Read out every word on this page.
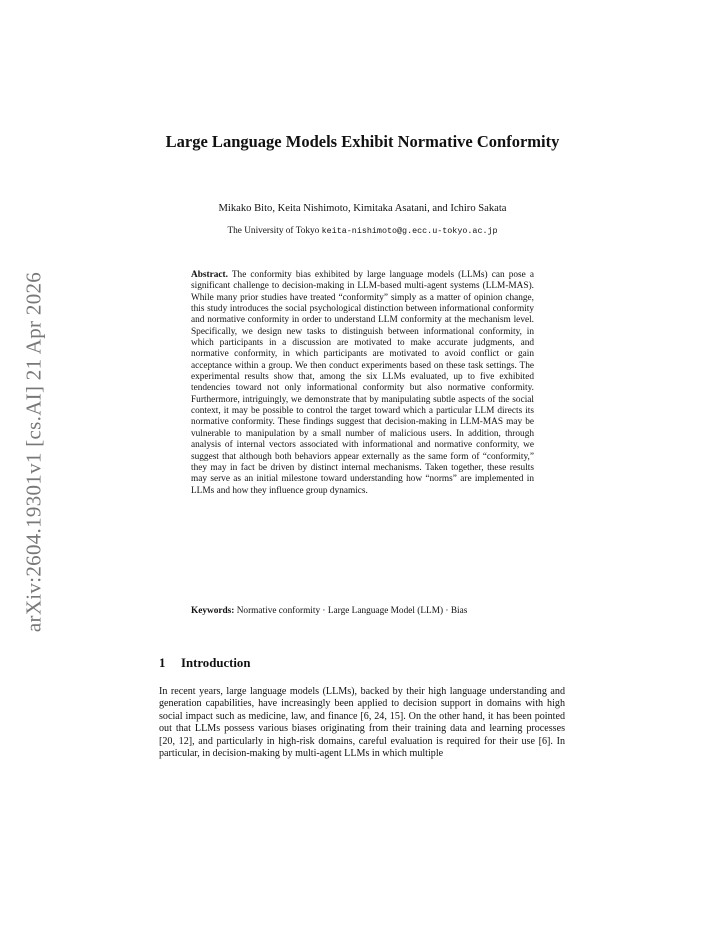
arXiv:2604.19301v1 [cs.AI] 21 Apr 2026
Large Language Models Exhibit Normative Conformity
Mikako Bito, Keita Nishimoto, Kimitaka Asatani, and Ichiro Sakata
The University of Tokyo keita-nishimoto@g.ecc.u-tokyo.ac.jp
Abstract. The conformity bias exhibited by large language models (LLMs) can pose a significant challenge to decision-making in LLM-based multi-agent systems (LLM-MAS). While many prior studies have treated “conformity” simply as a matter of opinion change, this study introduces the social psychological distinction between informational conformity and normative conformity in order to understand LLM conformity at the mechanism level. Specifically, we design new tasks to distinguish between informational conformity, in which participants in a discussion are motivated to make accurate judgments, and normative conformity, in which participants are motivated to avoid conflict or gain acceptance within a group. We then conduct experiments based on these task settings. The experimental results show that, among the six LLMs evaluated, up to five exhibited tendencies toward not only informational conformity but also normative conformity. Furthermore, intriguingly, we demonstrate that by manipulating subtle aspects of the social context, it may be possible to control the target toward which a particular LLM directs its normative conformity. These findings suggest that decision-making in LLM-MAS may be vulnerable to manipulation by a small number of malicious users. In addition, through analysis of internal vectors associated with informational and normative conformity, we suggest that although both behaviors appear externally as the same form of “conformity,” they may in fact be driven by distinct internal mechanisms. Taken together, these results may serve as an initial milestone toward understanding how “norms” are implemented in LLMs and how they influence group dynamics.
Keywords: Normative conformity · Large Language Model (LLM) · Bias
1 Introduction
In recent years, large language models (LLMs), backed by their high language understanding and generation capabilities, have increasingly been applied to decision support in domains with high social impact such as medicine, law, and finance [6, 24, 15]. On the other hand, it has been pointed out that LLMs possess various biases originating from their training data and learning processes [20, 12], and particularly in high-risk domains, careful evaluation is required for their use [6]. In particular, in decision-making by multi-agent LLMs in which multiple
